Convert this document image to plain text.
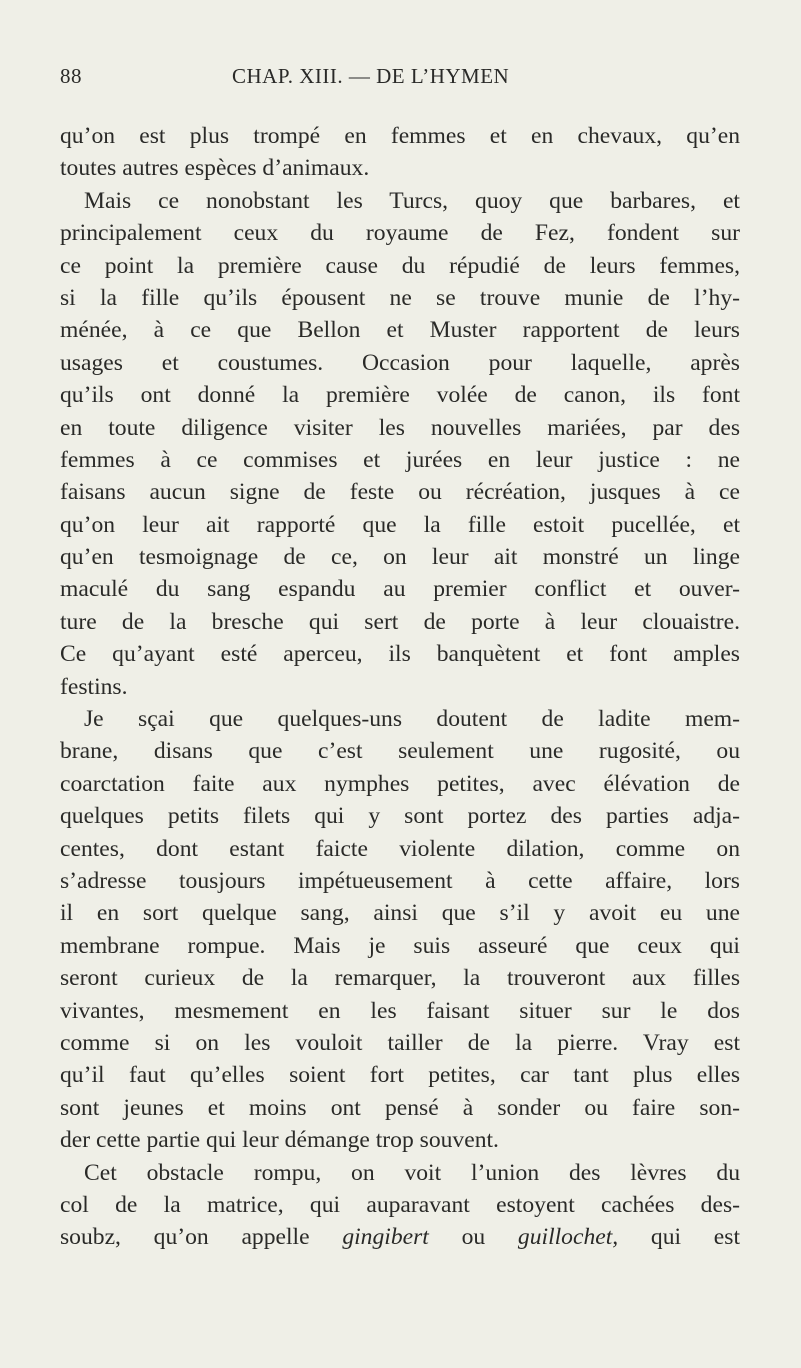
88	CHAP. XIII. — DE L’HYMEN
qu’on est plus trompé en femmes et en chevaux, qu’en
toutes autres espèces d’animaux.
Mais ce nonobstant les Turcs, quoy que barbares, et
principalement ceux du royaume de Fez, fondent sur
ce point la première cause du répudié de leurs femmes,
si la fille qu’ils épousent ne se trouve munie de l’hy-
ménée, à ce que Bellon et Muster rapportent de leurs
usages et coustumes. Occasion pour laquelle, après
qu’ils ont donné la première volée de canon, ils font
en toute diligence visiter les nouvelles mariées, par des
femmes à ce commises et jurées en leur justice : ne
faisans aucun signe de feste ou récréation, jusques à ce
qu’on leur ait rapporté que la fille estoit pucellée, et
qu’en tesmoignage de ce, on leur ait monstré un linge
maculé du sang espandu au premier conflict et ouver-
ture de la bresche qui sert de porte à leur clouaistre.
Ce qu’ayant esté aperceu, ils banquètent et font amples
festins.
Je sçai que quelques-uns doutent de ladite mem-
brane, disans que c’est seulement une rugosité, ou
coarctation faite aux nymphes petites, avec élévation de
quelques petits filets qui y sont portez des parties adja-
centes, dont estant faicte violente dilation, comme on
s’adresse tousjours impétueusement à cette affaire, lors
il en sort quelque sang, ainsi que s’il y avoit eu une
membrane rompue. Mais je suis asseuré que ceux qui
seront curieux de la remarquer, la trouveront aux filles
vivantes, mesmement en les faisant situer sur le dos
comme si on les vouloit tailler de la pierre. Vray est
qu’il faut qu’elles soient fort petites, car tant plus elles
sont jeunes et moins ont pensé à sonder ou faire son-
der cette partie qui leur démange trop souvent.
Cet obstacle rompu, on voit l’union des lèvres du
col de la matrice, qui auparavant estoyent cachées des-
soubz, qu’on appelle gingibert ou guillochet, qui est
